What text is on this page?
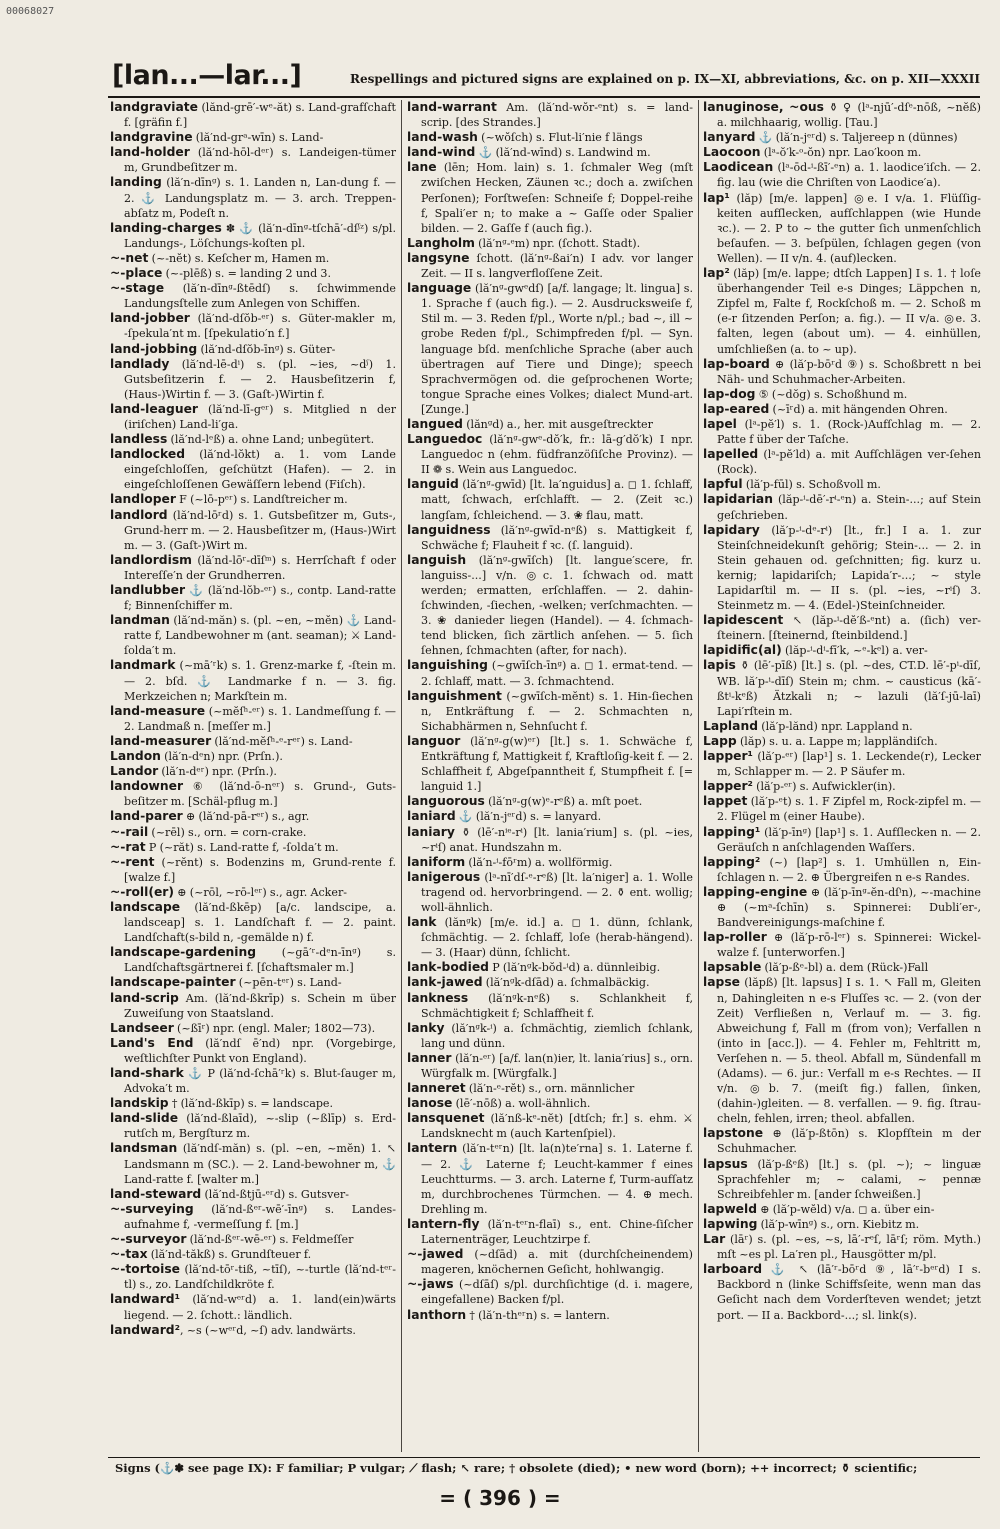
00068027
[lan...—lar...]	Respellings and pictured signs are explained on p. IX—XI, abbreviations, &c. on p. XII—XXXII

landgraviate (lănd-grē′-wᵉ-ăt) s. Land-grafſchaft f. [gräfin f.]

landgravine (lă′nd-grᵃ-wīn) s. Land-

land-holder (lă′nd-hōl-dᵉʳ) s. Landeigen-tümer m, Grundbeſitzer m.

landing (lă′n-dīnᵍ) s. 1. Landen n, Lan-dung f. — 2. ⚓ Landungsplatz m. — 3. arch. Treppen-abſatz m, Podeſt n.

landing-charges ✽ ⚓ (lă′n-dīnᵍ-tſchā′-dſᶴᶻ) s/pl. Landungs-, Löſchungs-koſten pl.

~-net (~-nĕt) s. Keſcher m, Hamen m.

~-place (~-plēß) s. = landing 2 und 3.

~-stage (lă′n-dīnᵍ-ßtēdſ) s. ſchwimmende Landungsſtelle zum Anlegen von Schiffen.

land-jobber (lă′nd-dſŏb-ᵉʳ) s. Güter-makler m, -ſpekula′nt m. [ſpekulatio′n f.]

land-jobbing (lă′nd-dſŏb-īnᵍ) s. Güter-

landlady (lă′nd-lē-dⁱ) s. (pl. ~ies, ~dᶴ) 1. Gutsbeſitzerin f. — 2. Hausbeſitzerin f, (Haus-)Wirtin f. — 3. (Gaſt-)Wirtin f.

land-leaguer (lă′nd-lī-gᵉʳ) s. Mitglied n der (iriſchen) Land-li′ga.

landless (lă′nd-lᵉß) a. ohne Land; unbegütert.

landlocked (lă′nd-lŏkt) a. 1. vom Lande eingeſchloſſen, geſchützt (Hafen). — 2. in eingeſchloſſenen Gewäſſern lebend (Fiſch).

landloper F (~lō-pᵉʳ) s. Landſtreicher m.

landlord (lă′nd-lōʳd) s. 1. Gutsbeſitzer m, Guts-, Grund-herr m. — 2. Hausbeſitzer m, (Haus-)Wirt m. — 3. (Gaſt-)Wirt m.

landlordism (lă′nd-lōʳ-dīſᵐ) s. Herrſchaft f oder Intereſſe′n der Grundherren.

landlubber ⚓ (lă′nd-lŏb-ᵉʳ) s., contp. Land-ratte f; Binnenſchiffer m.

landman (lă′nd-măn) s. (pl. ~en, ~mĕn) ⚓ Land-ratte f, Landbewohner m (ant. seaman); ⚔ Land-ſolda′t m.

landmark (~mā′ʳk) s. 1. Grenz-marke f, -ſtein m. — 2. bſd. ⚓ Landmarke f n. — 3. fig. Merkzeichen n; Markſtein m.

land-measure (~mĕſʰ-ᵉʳ) s. 1. Landmeſſung f. — 2. Landmaß n. [meſſer m.]

land-measurer (lă′nd-mĕſʰ-ᵉ-rᵉʳ) s. Land-

Landon (lă′n-dᵉn) npr. (Prſn.).

Landor (lă′n-dᵉʳ) npr. (Prſn.).

landowner ⑥ (lă′nd-ō-nᵉʳ) s. Grund-, Guts-beſitzer m. [Schäl-pflug m.]

land-parer ⊕ (lă′nd-pā-rᵉʳ) s., agr.

~-rail (~rēl) s., orn. = corn-crake.

~-rat P (~răt) s. Land-ratte f, -ſolda′t m.

~-rent (~rĕnt) s. Bodenzins m, Grund-rente f. [walze f.]

~-roll(er) ⊕ (~rōl, ~rō-lᵉʳ) s., agr. Acker-

landscape (lă′nd-ßkēp) [a/c. landscipe, a. landsceap] s. 1. Landſchaft f. — 2. paint. Landſchaft(s-bild n, -gemälde n) f.

landscape-gardening (~gā′ʳ-dᵉn-īnᵍ) s. Landſchaftsgärtnerei f. [ſchaftsmaler m.]

landscape-painter (~pēn-tᵉʳ) s. Land-

land-scrip Am. (lă′nd-ßkrīp) s. Schein m über Zuweiſung von Staatsland.

Landseer (~ßīʳ) npr. (engl. Maler; 1802—73).

Land's End (lă′ndſ ē′nd) npr. (Vorgebirge, weſtlichſter Punkt von England).

land-shark ⚓ P (lă′nd-ſchā′ʳk) s. Blut-ſauger m, Advoka′t m.

landskip † (lă′nd-ßkīp) s. = landscape.

land-slide (lă′nd-ßlaīd), ~-slip (~ßlīp) s. Erd-rutſch m, Bergſturz m.

landsman (lă′ndſ-măn) s. (pl. ~en, ~mĕn) 1. ↖ Landsmann m (SC.). — 2. Land-bewohner m, ⚓ Land-ratte f. [walter m.]

land-steward (lă′nd-ßtjū-ᵉʳd) s. Gutsver-

~-surveying (lă′nd-ßᵉʳ-wē′-īnᵍ) s. Landes-aufnahme f, -vermeſſung f. [m.]

~-surveyor (lă′nd-ßᵉʳ-wē-ᵉʳ) s. Feldmeſſer

~-tax (lă′nd-tăkß) s. Grundſteuer f.

~-tortoise (lă′nd-tōʳ-tiß, ~tīſ), ~-turtle (lă′nd-tᵉʳ-tl) s., zo. Landſchildkröte f.

landward¹ (lă′nd-wᵉʳd) a. 1. land(ein)wärts liegend. — 2. ſchott.: ländlich.

landward², ~s (~wᵉʳd, ~ſ) adv. landwärts.

land-warrant Am. (lă′nd-wŏr-ᵉnt) s. = land-scrip. [des Strandes.]

land-wash (~wŏſch) s. Flut-li′nie f längs

land-wind ⚓ (lă′nd-wīnd) s. Landwind m.

lane (lēn; Hom. lain) s. 1. ſchmaler Weg (mſt zwiſchen Hecken, Zäunen ꝛc.; doch a. zwiſchen Perſonen); Forſtweſen: Schneiſe f; Doppel-reihe f, Spali′er n; to make a ~ Gaſſe oder Spalier bilden. — 2. Gaſſe f (auch fig.).

Langholm (lă′nᵍ-ᵉm) npr. (ſchott. Stadt).

langsyne ſchott. (lă′nᵍ-ßai′n) I adv. vor langer Zeit. — II s. langverfloſſene Zeit.

language (lă′nᵍ-gwᵉdſ) [a/f. langage; lt. lingua] s. 1. Sprache f (auch fig.). — 2. Ausdrucksweiſe f, Stil m. — 3. Reden f/pl., Worte n/pl.; bad ~, ill ~ grobe Reden f/pl., Schimpfreden f/pl. — Syn. language bſd. menſchliche Sprache (aber auch übertragen auf Tiere und Dinge); speech Sprachvermögen od. die geſprochenen Worte; tongue Sprache eines Volkes; dialect Mund-art. [Zunge.]

langued (lănᵍd) a., her. mit ausgeſtreckter

Languedoc (lă′nᵍ-gwᵉ-dŏ′k, fr.: lā-g′dŏ′k) I npr. Languedoc n (ehm. füdfranzöſiſche Provinz). — II ❁ s. Wein aus Languedoc.

languid (lă′nᵍ-gwīd) [lt. la′nguidus] a. ◻ 1. ſchlaff, matt, ſchwach, erſchlafft. — 2. (Zeit ꝛc.) langſam, ſchleichend. — 3. ❀ flau, matt.

languidness (lă′nᵍ-gwīd-nᵉß) s. Mattigkeit f, Schwäche f; Flauheit f ꝛc. (ſ. languid).

languish (lă′nᵍ-gwīſch) [lt. langue′scere, fr. languiss-...] v/n. ◎c. 1. ſchwach od. matt werden; ermatten, erſchlaffen. — 2. dahin-ſchwinden, -ſiechen, -welken; verſchmachten. — 3. ❀ danieder liegen (Handel). — 4. ſchmach-tend blicken, ſich zärtlich anſehen. — 5. ſich ſehnen, ſchmachten (after, for nach).

languishing (~gwīſch-īnᵍ) a. ◻ 1. ermat-tend. — 2. ſchlaff, matt. — 3. ſchmachtend.

languishment (~gwīſch-mĕnt) s. 1. Hin-ſiechen n, Entkräftung f. — 2. Schmachten n, Sichabhärmen n, Sehnſucht f.

languor (lă′nᵍ-g(w)ᵉʳ) [lt.] s. 1. Schwäche f, Entkräftung f, Mattigkeit f, Kraftloſig-keit f. — 2. Schlaffheit f, Abgeſpanntheit f, Stumpfheit f. [= languid 1.]

languorous (lă′nᵍ-g(w)ᵉ-rᵉß) a. mſt poet.

laniard ⚓ (lă′n-jᵉʳd) s. = lanyard.

laniary ⚱ (lē′-nⁱᵉ-rⁱ) [lt. lania′rium] s. (pl. ~ies, ~rⁱſ) anat. Hundszahn m.

laniform (lă′n-ⁱ-fōʳm) a. wollförmig.

lanigerous (lᵃ-nī′dſ-ᵉ-rᵉß) [lt. la′niger] a. 1. Wolle tragend od. hervorbringend. — 2. ⚱ ent. wollig; woll-ähnlich.

lank (lănᵍk) [m/e. id.] a. ◻ 1. dünn, ſchlank, ſchmächtig. — 2. ſchlaff, loſe (herab-hängend). — 3. (Haar) dünn, ſchlicht.

lank-bodied P (lă′nᵍk-bŏd-ⁱd) a. dünnleibig.

lank-jawed (lă′nᵍk-dſād) a. ſchmalbäckig.

lankness (lă′nᵍk-nᵉß) s. Schlankheit f, Schmächtigkeit f; Schlaffheit f.

lanky (lă′nᵍk-ⁱ) a. ſchmächtig, ziemlich ſchlank, lang und dünn.

lanner (lă′n-ᵉʳ) [a/f. lan(n)ier, lt. lania′rius] s., orn. Würgfalk m. [Würgfalk.]

lanneret (lă′n-ᵉ-rĕt) s., orn. männlicher

lanose (lē′-nōß) a. woll-ähnlich.

lansquenet (lă′nß-kᵉ-nĕt) [dtſch; fr.] s. ehm. ⚔ Landsknecht m (auch Kartenſpiel).

lantern (lă′n-tᵉʳn) [lt. la(n)te′rna] s. 1. Laterne f. — 2. ⚓ Laterne f; Leucht-kammer f eines Leuchtturms. — 3. arch. Laterne f, Turm-aufſatz m, durchbrochenes Türmchen. — 4. ⊕ mech. Drehling m.

lantern-fly (lă′n-tᵉʳn-flaī) s., ent. Chine-ſiſcher Laternenträger, Leuchtzirpe f.

~-jawed (~dſād) a. mit (durchſcheinendem) mageren, knöchernen Geſicht, hohlwangig.

~-jaws (~dſāſ) s/pl. durchſichtige (d. i. magere, eingefallene) Backen f/pl.

lanthorn † (lă′n-thᵉʳn) s. = lantern.

lanuginose, ~ous ⚱ ♀ (lᵃ-njū′-dſᵉ-nōß, ~nĕß) a. milchhaarig, wollig. [Tau.]

lanyard ⚓ (lă′n-jᵉʳd) s. Taljereep n (dünnes)

Laocoon (lᵃ-ŏ′k-ᵒ-ŏn) npr. Lao′koon m.

Laodicean (lᵃ-ōd-ⁱ-ßī′-ᵉn) a. 1. laodice′iſch. — 2. fig. lau (wie die Chriſten von Laodice′a).

lap¹ (lăp) [m/e. lappen] ◎e. I v/a. 1. Flüſſig-keiten aufſlecken, aufſchlappen (wie Hunde ꝛc.). — 2. P to ~ the gutter ſich unmenſchlich beſaufen. — 3. beſpülen, ſchlagen gegen (von Wellen). — II v/n. 4. (auf)lecken.

lap² (lăp) [m/e. lappe; dtſch Lappen] I s. 1. † loſe überhangender Teil e-s Dinges; Läppchen n, Zipfel m, Falte f, Rockſchoß m. — 2. Schoß m (e-r ſitzenden Perſon; a. fig.). — II v/a. ◎e. 3. falten, legen (about um). — 4. einhüllen, umſchließen (a. to ~ up).

lap-board ⊕ (lă′p-bōʳd ⑨) s. Schoßbrett n bei Näh- und Schuhmacher-Arbeiten.

lap-dog ⑤ (~dŏg) s. Schoßhund m.

lap-eared (~īʳd) a. mit hängenden Ohren.

lapel (lᵃ-pĕ′l) s. 1. (Rock-)Aufſchlag m. — 2. Patte f über der Taſche.

lapelled (lᵃ-pĕ′ld) a. mit Aufſchlägen ver-ſehen (Rock).

lapful (lă′p-fūl) s. Schoßvoll m.

lapidarian (lăp-ⁱ-dē′-rⁱ-ᵉn) a. Stein-...; auf Stein geſchrieben.

lapidary (lă′p-ⁱ-dᵉ-rⁱ) [lt., fr.] I a. 1. zur Steinſchneidekunſt gehörig; Stein-... — 2. in Stein gehauen od. geſchnitten; fig. kurz u. kernig; lapidariſch; Lapida′r-...; ~ style Lapidarſtil m. — II s. (pl. ~ies, ~rⁱſ) 3. Steinmetz m. — 4. (Edel-)Steinſchneider.

lapidescent ↖ (lăp-ⁱ-dĕ′ß-ᵉnt) a. (ſich) ver-ſteinern. [ſteinernd, ſteinbildend.]

lapidific(al) (lăp-ⁱ-dⁱ-fī′k, ~ᵉ-kᵉl) a. ver-

lapis ⚱ (lē′-pīß) [lt.] s. (pl. ~des, CT.D. lē′-pⁱ-dīſ, WB. lă′p-ⁱ-dīſ) Stein m; chm. ~ causticus (kā′-ßtⁱ-kᵉß) Ätzkali n; ~ lazuli (lă′ſ-jū-laī) Lapi′rſtein m.

Lapland (lă′p-lănd) npr. Lappland n.

Lapp (lăp) s. u. a. Lappe m; lappländiſch.

lapper¹ (lă′p-ᵉʳ) [lap¹] s. 1. Leckende(r), Lecker m, Schlapper m. — 2. P Säufer m.

lapper² (lă′p-ᵉʳ) s. Aufwickler(in).

lappet (lă′p-ᵉt) s. 1. F Zipfel m, Rock-zipfel m. — 2. Flügel m (einer Haube).

lapping¹ (lă′p-īnᵍ) [lap¹] s. 1. Aufſlecken n. — 2. Geräuſch n anſchlagenden Waſſers.

lapping² (~) [lap²] s. 1. Umhüllen n, Ein-ſchlagen n. — 2. ⊕ Übergreifen n e-s Randes.

lapping-engine ⊕ (lă′p-īnᵍ-ĕn-dſⁱn), ~-machine ⊕ (~mᵃ-ſchīn) s. Spinnerei: Dubli′er-, Bandvereinigungs-maſchine f.

lap-roller ⊕ (lă′p-rō-lᵉʳ) s. Spinnerei: Wickel-walze f. [unterworfen.]

lapsable (lă′p-ßᵉ-bl) a. dem (Rück-)Fall

lapse (lăpß) [lt. lapsus] I s. 1. ↖ Fall m, Gleiten n, Dahingleiten n e-s Fluſſes ꝛc. — 2. (von der Zeit) Verfließen n, Verlauf m. — 3. fig. Abweichung f, Fall m (from von); Verfallen n (into in [acc.]). — 4. Fehler m, Fehltritt m, Verſehen n. — 5. theol. Abfall m, Sündenfall m (Adams). — 6. jur.: Verfall m e-s Rechtes. — II v/n. ◎b. 7. (meiſt fig.) fallen, ſinken, (dahin-)gleiten. — 8. verfallen. — 9. fig. ſtrau-cheln, fehlen, irren; theol. abfallen.

lapstone ⊕ (lă′p-ßtōn) s. Klopfſtein m der Schuhmacher.

lapsus (lă′p-ßᵉß) [lt.] s. (pl. ~); ~ linguæ Sprachfehler m; ~ calami, ~ pennæ Schreibfehler m. [ander ſchweißen.]

lapweld ⊕ (lă′p-wĕld) v/a. ◻ a. über ein-

lapwing (lă′p-wīnᵍ) s., orn. Kiebitz m.

Lar (lāʳ) s. (pl. ~es, ~s, lā′-rᵉſ, lāʳſ; röm. Myth.) mſt ~es pl. La′ren pl., Hausgötter m/pl.

larboard ⚓ ↖ (lā′ʳ-bōʳd ⑨, lā′ʳ-bᵉʳd) I s. Backbord n (linke Schiffsſeite, wenn man das Geſicht nach dem Vorderſteven wendet; jetzt port. — II a. Backbord-...; sl. link(s).

Signs (⚓✽ see page IX): F familiar; P vulgar; ⟋ flash; ↖ rare; † obsolete (died); • new word (born); +̶+ incorrect; ⚱ scientific;
= ( 396 ) =
